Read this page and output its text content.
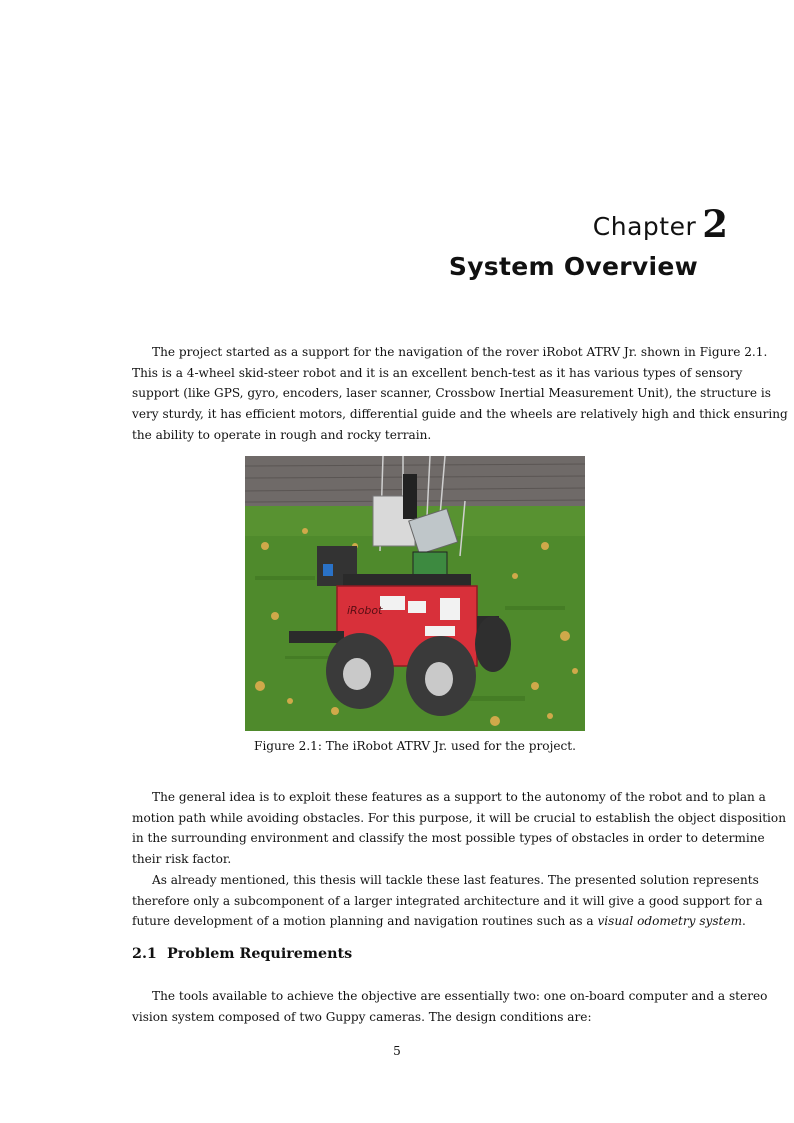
Chapter 2
System Overview

The project started as a support for the navigation of the rover iRobot ATRV Jr. shown in Figure 2.1.
This is a 4-wheel skid-steer robot and it is an excellent bench-test as it has various types of sensory
support (like GPS, gyro, encoders, laser scanner, Crossbow Inertial Measurement Unit), the structure is
very sturdy, it has efficient motors, differential guide and the wheels are relatively high and thick ensuring
the ability to operate in rough and rocky terrain.

iRobot
Figure 2.1: The iRobot ATRV Jr. used for the project.

The general idea is to exploit these features as a support to the autonomy of the robot and to plan a
motion path while avoiding obstacles. For this purpose, it will be crucial to establish the object disposition
in the surrounding environment and classify the most possible types of obstacles in order to determine
their risk factor.
As already mentioned, this thesis will tackle these last features. The presented solution represents
therefore only a subcomponent of a larger integrated architecture and it will give a good support for a
future development of a motion planning and navigation routines such as a visual odometry system.

2.1 Problem Requirements

The tools available to achieve the objective are essentially two: one on-board computer and a stereo
vision system composed of two Guppy cameras. The design conditions are:

5
